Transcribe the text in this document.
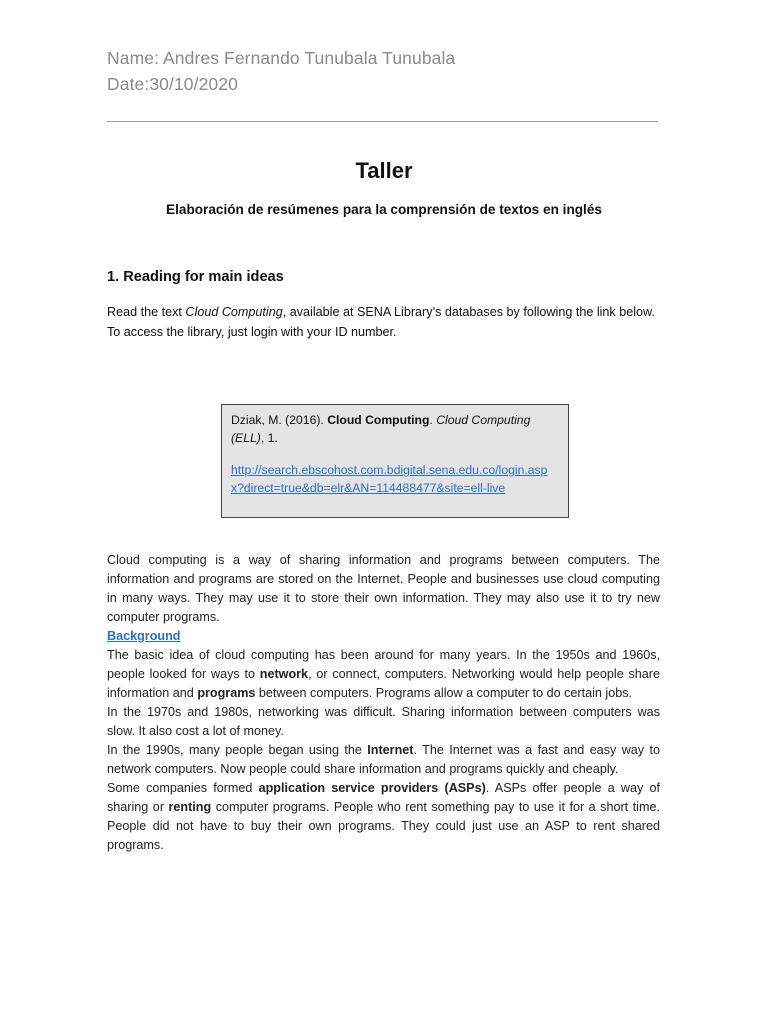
Name: Andres Fernando Tunubala Tunubala
Date:30/10/2020
Taller
Elaboración de resúmenes para la comprensión de textos en inglés
1. Reading for main ideas
Read the text Cloud Computing, available at SENA Library’s databases by following the link below. To access the library, just login with your ID number.
Dziak, M. (2016). Cloud Computing. Cloud Computing (ELL), 1.
http://search.ebscohost.com.bdigital.sena.edu.co/login.aspx?direct=true&db=elr&AN=114488477&site=ell-live

Cloud computing is a way of sharing information and programs between computers. The information and programs are stored on the Internet. People and businesses use cloud computing in many ways. They may use it to store their own information. They may also use it to try new computer programs.

Background

The basic idea of cloud computing has been around for many years. In the 1950s and 1960s, people looked for ways to network, or connect, computers. Networking would help people share information and programs between computers. Programs allow a computer to do certain jobs.

In the 1970s and 1980s, networking was difficult. Sharing information between computers was slow. It also cost a lot of money.

In the 1990s, many people began using the Internet. The Internet was a fast and easy way to network computers. Now people could share information and programs quickly and cheaply.

Some companies formed application service providers (ASPs). ASPs offer people a way of sharing or renting computer programs. People who rent something pay to use it for a short time. People did not have to buy their own programs. They could just use an ASP to rent shared programs.
